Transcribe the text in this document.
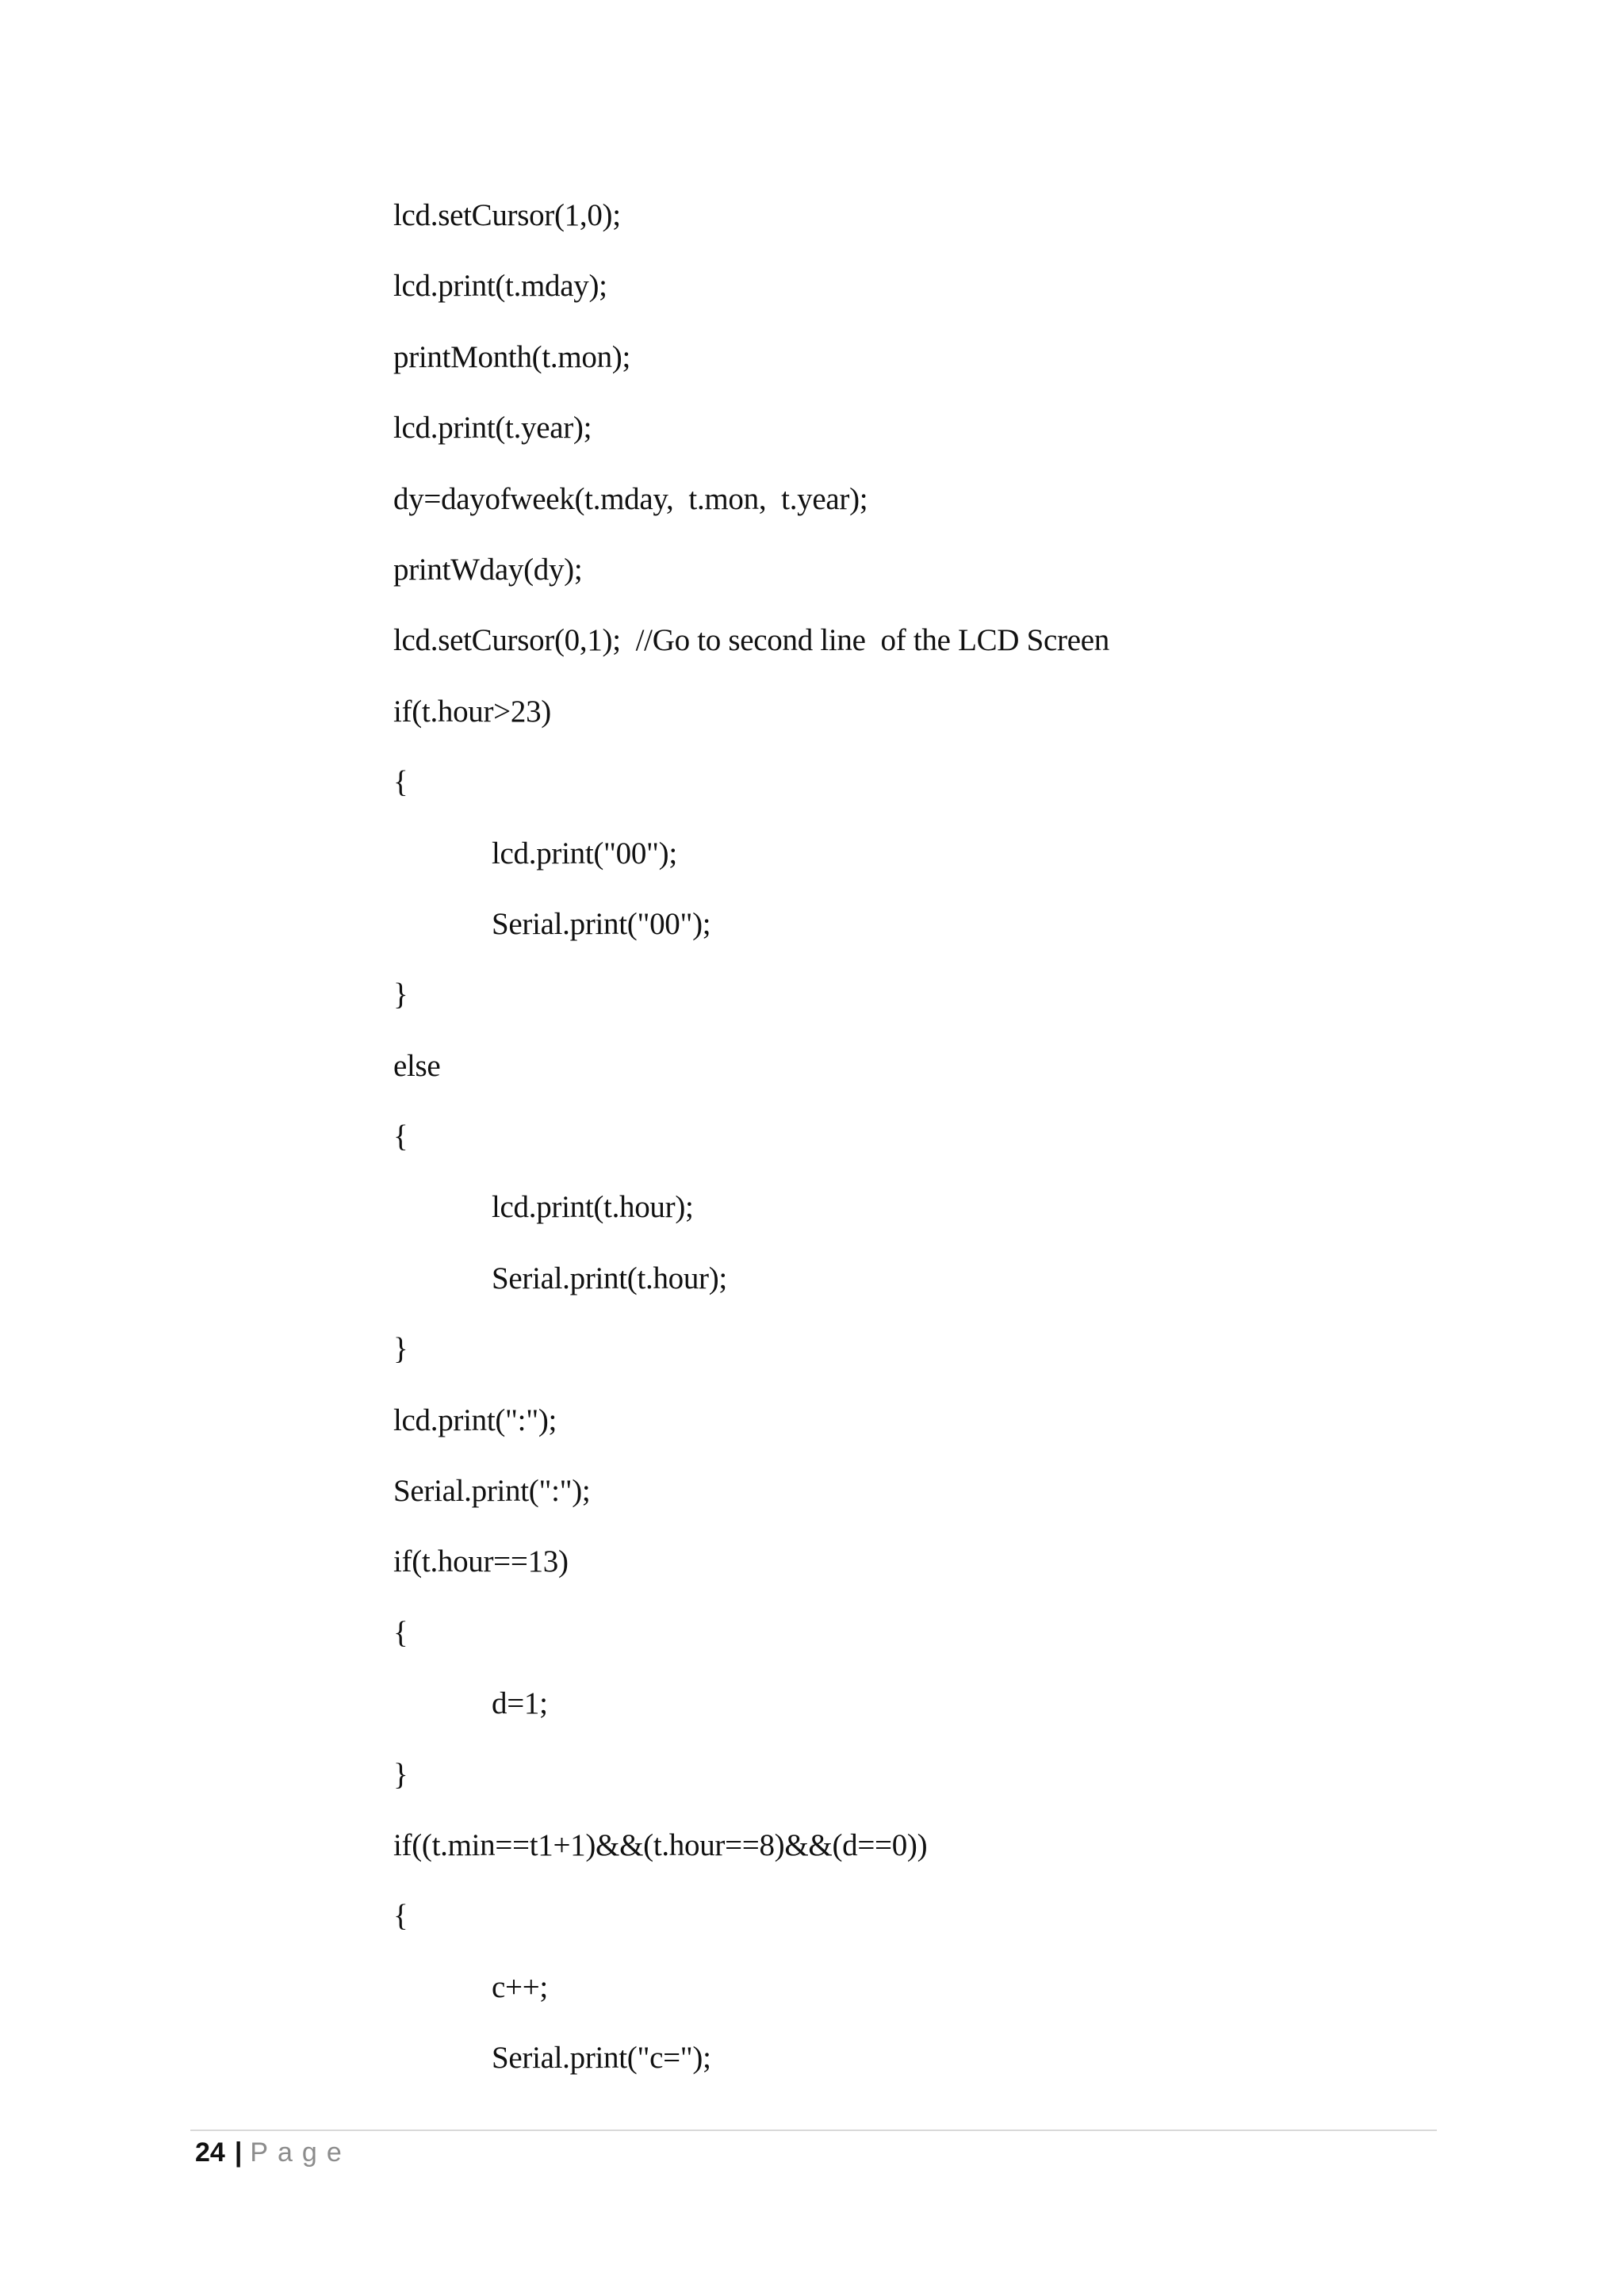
lcd.setCursor(1,0);
lcd.print(t.mday);
printMonth(t.mon);
lcd.print(t.year);
dy=dayofweek(t.mday,  t.mon,  t.year);
printWday(dy);
lcd.setCursor(0,1);  //Go to second line  of the LCD Screen
if(t.hour>23)
{
lcd.print("00");
Serial.print("00");
}
else
{
lcd.print(t.hour);
Serial.print(t.hour);
}
lcd.print(":");
Serial.print(":");
if(t.hour==13)
{
d=1;
}
if((t.min==t1+1)&&(t.hour==8)&&(d==0))
{
c++;
Serial.print("c=");
24 | Page
